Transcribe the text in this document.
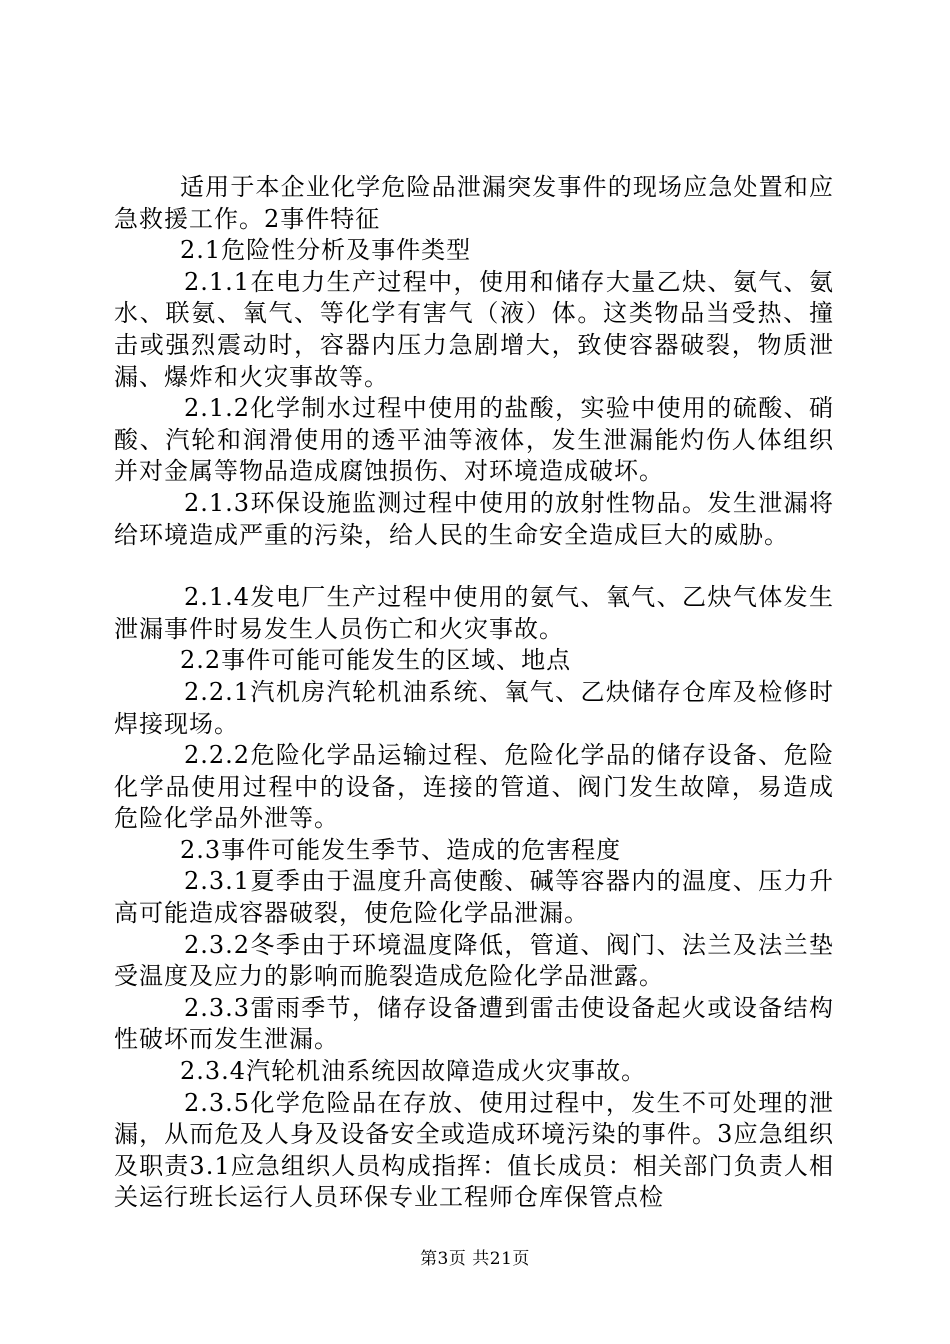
适用于本企业化学危险品泄漏突发事件的现场应急处置和应急救援工作。2事件特征

2.1危险性分析及事件类型

2.1.1在电力生产过程中，使用和储存大量乙炔、氨气、氨水、联氨、氧气、等化学有害气（液）体。这类物品当受热、撞击或强烈震动时，容器内压力急剧增大，致使容器破裂，物质泄漏、爆炸和火灾事故等。

2.1.2化学制水过程中使用的盐酸，实验中使用的硫酸、硝酸、汽轮和润滑使用的透平油等液体，发生泄漏能灼伤人体组织并对金属等物品造成腐蚀损伤、对环境造成破坏。

2.1.3环保设施监测过程中使用的放射性物品。发生泄漏将给环境造成严重的污染，给人民的生命安全造成巨大的威胁。

2.1.4发电厂生产过程中使用的氨气、氧气、乙炔气体发生泄漏事件时易发生人员伤亡和火灾事故。

2.2事件可能可能发生的区域、地点

2.2.1汽机房汽轮机油系统、氧气、乙炔储存仓库及检修时焊接现场。

2.2.2危险化学品运输过程、危险化学品的储存设备、危险化学品使用过程中的设备，连接的管道、阀门发生故障，易造成危险化学品外泄等。

2.3事件可能发生季节、造成的危害程度

2.3.1夏季由于温度升高使酸、碱等容器内的温度、压力升高可能造成容器破裂，使危险化学品泄漏。

2.3.2冬季由于环境温度降低，管道、阀门、法兰及法兰垫受温度及应力的影响而脆裂造成危险化学品泄露。

2.3.3雷雨季节，储存设备遭到雷击使设备起火或设备结构性破坏而发生泄漏。

2.3.4汽轮机油系统因故障造成火灾事故。

2.3.5化学危险品在存放、使用过程中，发生不可处理的泄漏，从而危及人身及设备安全或造成环境污染的事件。3应急组织及职责3.1应急组织人员构成指挥：值长成员：相关部门负责人相关运行班长运行人员环保专业工程师仓库保管点检

第3页 共21页
